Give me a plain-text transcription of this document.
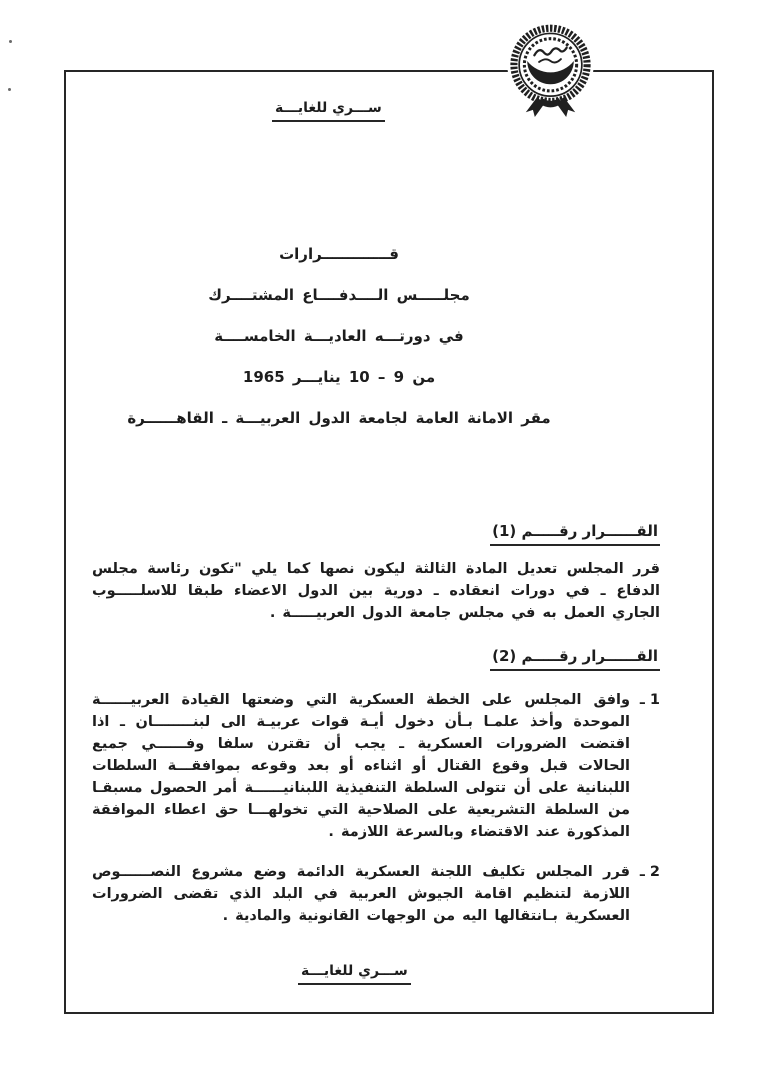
ســـري للغايـــة
قـــــــــــــرارات
مجلـــــس الــــدفــــاع المشتــــرك
في دورتـــه العاديـــة الخامســــة
من 9 – 10 ينايـــر 1965
مقر الامانة العامة لجامعة الدول العربيـــة ـ القاهــــــرة
القــــــرار رقـــــم (1)

قرر المجلس تعديل المادة الثالثة ليكون نصها كما يلي "تكون رئاسة مجلس الدفاع ـ في دورات انعقاده ـ دورية بين الدول الاعضاء طبقا للاسلـــــوب الجاري العمل به في مجلس جامعة الدول العربيـــــة .

القــــــرار رقـــــم (2)
1 ـ

وافق المجلس على الخطة العسكرية التي وضعتها القيادة العربيــــــة الموحدة وأخذ علمـا بـأن دخول أيـة قوات عربيـة الى لبنــــــــان ـ اذا اقتضت الضرورات العسكرية ـ يجب أن تقترن سلفا وفــــــي جميع الحالات قبل وقوع القتال أو اثناءه أو بعد وقوعه بموافقـــة السلطات اللبنانية على أن تتولى السلطة التنفيذية اللبنانيــــــة أمر الحصول مسبقـا من السلطة التشريعية على الصلاحية التي تخولهـــا حق اعطاء الموافقة المذكورة عند الاقتضاء وبالسرعة اللازمة .

2 ـ

قرر المجلس تكليف اللجنة العسكرية الدائمة وضع مشروع النصــــــوص اللازمة لتنظيم اقامة الجيوش العربية في البلد الذي تقضى الضرورات العسكرية بـانتقالها اليه من الوجهات القانونية والمادية .

ســـري للغايـــة
